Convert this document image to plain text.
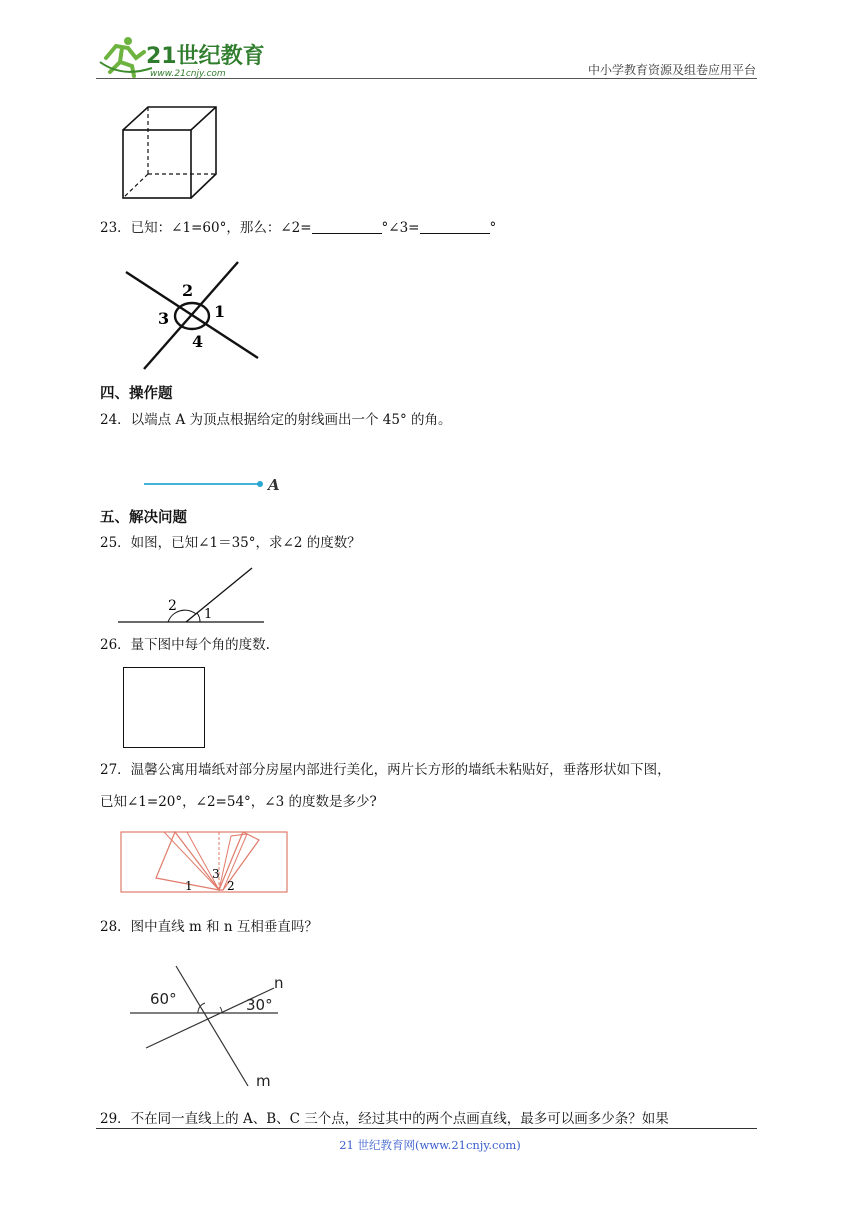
21世纪教育
www.21cnjy.com	中小学教育资源及组卷应用平台
23．已知：∠1=60°，那么：∠2=	°∠3=	°
2
1
3
4
四、操作题
24．以端点 A 为顶点根据给定的射线画出一个 45° 的角。
A
五、解决问题
25．如图，已知∠1＝35°，求∠2 的度数？
2
1
26．量下图中每个角的度数.
27．温馨公寓用墙纸对部分房屋内部进行美化，两片长方形的墙纸未粘贴好，垂落形状如下图，
已知∠1=20°，∠2=54°，∠3 的度数是多少?
3
1	2
28．图中直线 m 和 n 互相垂直吗？
60°	30°
n
m
29．不在同一直线上的 A、B、C 三个点，经过其中的两个点画直线，最多可以画多少条？如果
21 世纪教育网(www.21cnjy.com)
